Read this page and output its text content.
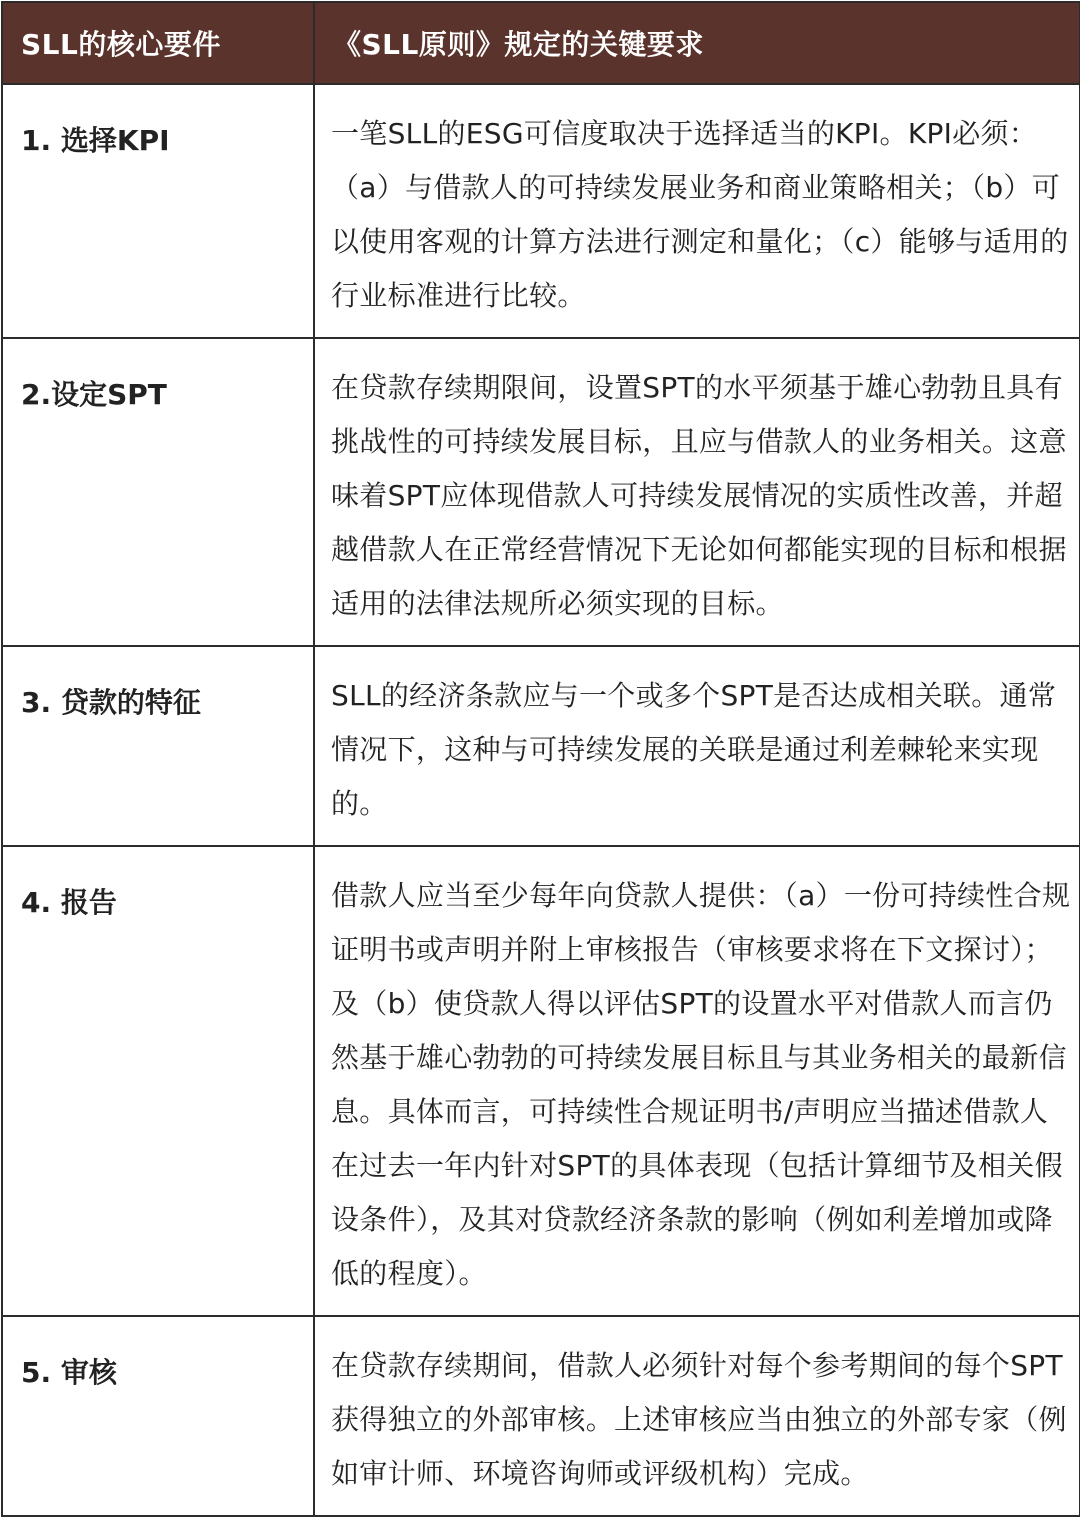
SLL的核心要件	《SLL原则》规定的关键要求
1. 选择KPI	一笔SLL的ESG可信度取决于选择适当的KPI。KPI必须：（a）与借款人的可持续发展业务和商业策略相关；（b）可以使用客观的计算方法进行测定和量化；（c）能够与适用的行业标准进行比较。
2.设定SPT	在贷款存续期限间，设置SPT的水平须基于雄心勃勃且具有挑战性的可持续发展目标，且应与借款人的业务相关。这意味着SPT应体现借款人可持续发展情况的实质性改善，并超越借款人在正常经营情况下无论如何都能实现的目标和根据适用的法律法规所必须实现的目标。
3. 贷款的特征	SLL的经济条款应与一个或多个SPT是否达成相关联。通常情况下，这种与可持续发展的关联是通过利差棘轮来实现的。
4. 报告	借款人应当至少每年向贷款人提供：（a）一份可持续性合规证明书或声明并附上审核报告（审核要求将在下文探讨）；及（b）使贷款人得以评估SPT的设置水平对借款人而言仍然基于雄心勃勃的可持续发展目标且与其业务相关的最新信息。具体而言，可持续性合规证明书/声明应当描述借款人在过去一年内针对SPT的具体表现（包括计算细节及相关假设条件），及其对贷款经济条款的影响（例如利差增加或降低的程度）。
5. 审核	在贷款存续期间，借款人必须针对每个参考期间的每个SPT获得独立的外部审核。上述审核应当由独立的外部专家（例如审计师、环境咨询师或评级机构）完成。
